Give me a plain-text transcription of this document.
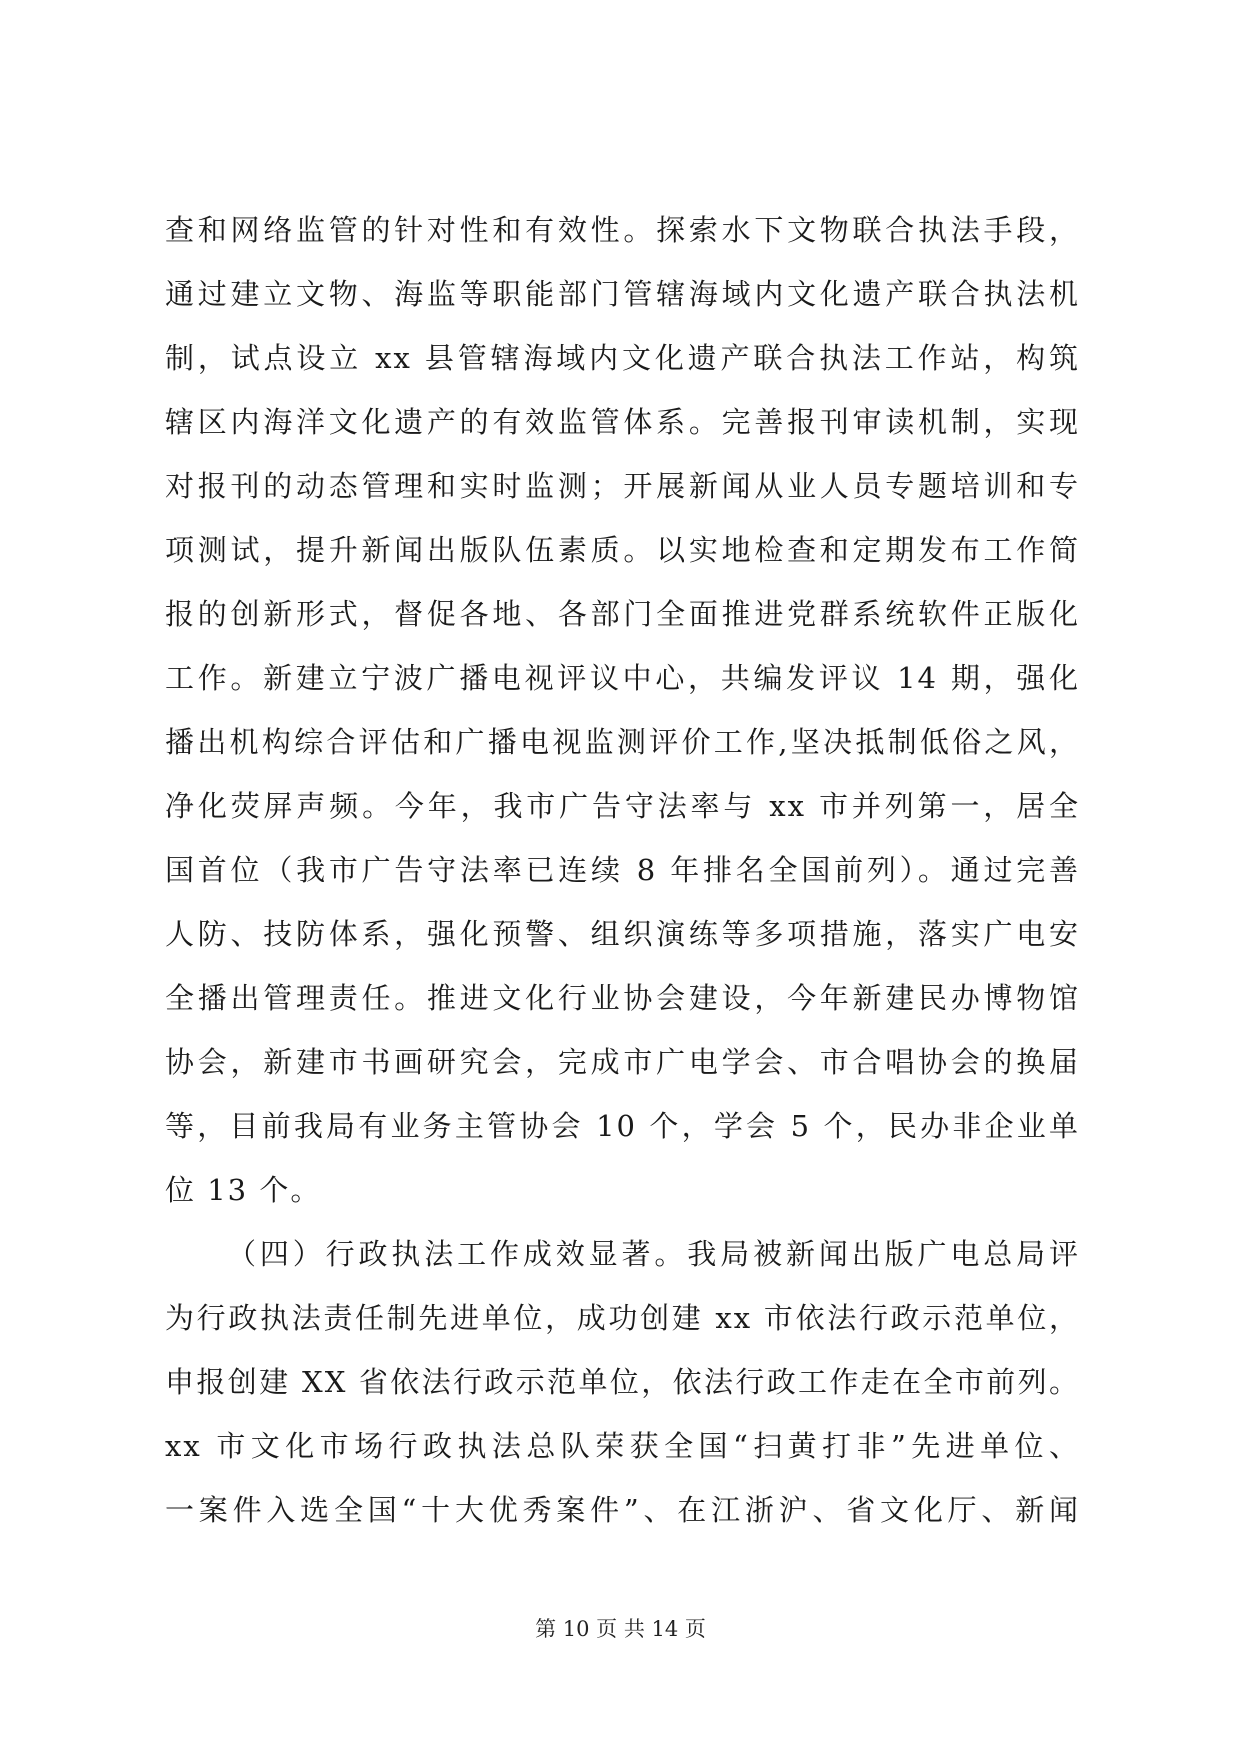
查和网络监管的针对性和有效性。探索水下文物联合执法手段，
通过建立文物、海监等职能部门管辖海域内文化遗产联合执法机
制，试点设立 xx 县管辖海域内文化遗产联合执法工作站，构筑
辖区内海洋文化遗产的有效监管体系。完善报刊审读机制，实现
对报刊的动态管理和实时监测；开展新闻从业人员专题培训和专
项测试，提升新闻出版队伍素质。以实地检查和定期发布工作简
报的创新形式，督促各地、各部门全面推进党群系统软件正版化
工作。新建立宁波广播电视评议中心，共编发评议 14 期，强化
播出机构综合评估和广播电视监测评价工作,坚决抵制低俗之风，
净化荧屏声频。今年，我市广告守法率与 xx 市并列第一，居全
国首位（我市广告守法率已连续 8 年排名全国前列）。通过完善
人防、技防体系，强化预警、组织演练等多项措施，落实广电安
全播出管理责任。推进文化行业协会建设，今年新建民办博物馆
协会，新建市书画研究会，完成市广电学会、市合唱协会的换届
等，目前我局有业务主管协会 10 个，学会 5 个，民办非企业单
位 13 个。
（四）行政执法工作成效显著。我局被新闻出版广电总局评
为行政执法责任制先进单位，成功创建 xx 市依法行政示范单位，
申报创建 XX 省依法行政示范单位，依法行政工作走在全市前列。
xx 市文化市场行政执法总队荣获全国“扫黄打非”先进单位、
一案件入选全国“十大优秀案件”、在江浙沪、省文化厅、新闻
第 10 页 共 14 页
